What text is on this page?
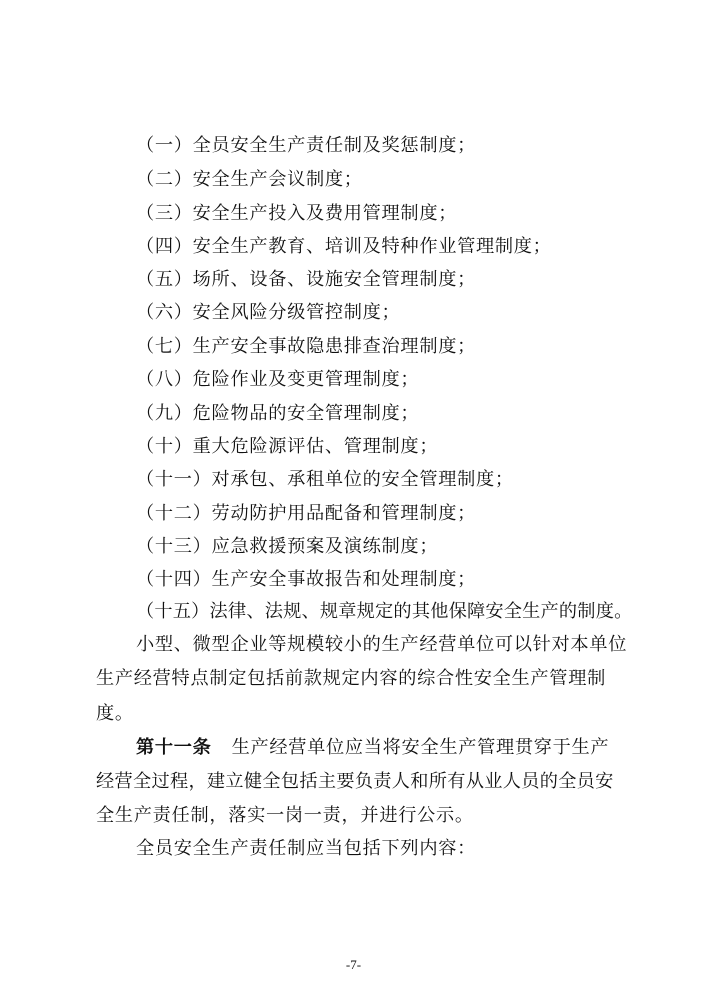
（一）全员安全生产责任制及奖惩制度；
（二）安全生产会议制度；
（三）安全生产投入及费用管理制度；
（四）安全生产教育、培训及特种作业管理制度；
（五）场所、设备、设施安全管理制度；
（六）安全风险分级管控制度；
（七）生产安全事故隐患排查治理制度；
（八）危险作业及变更管理制度；
（九）危险物品的安全管理制度；
（十）重大危险源评估、管理制度；
（十一）对承包、承租单位的安全管理制度；
（十二）劳动防护用品配备和管理制度；
（十三）应急救援预案及演练制度；
（十四）生产安全事故报告和处理制度；
（十五）法律、法规、规章规定的其他保障安全生产的制度。
小型、微型企业等规模较小的生产经营单位可以针对本单位
生产经营特点制定包括前款规定内容的综合性安全生产管理制
度。
第十一条 生产经营单位应当将安全生产管理贯穿于生产
经营全过程，建立健全包括主要负责人和所有从业人员的全员安
全生产责任制，落实一岗一责，并进行公示。
全员安全生产责任制应当包括下列内容：
-7-
